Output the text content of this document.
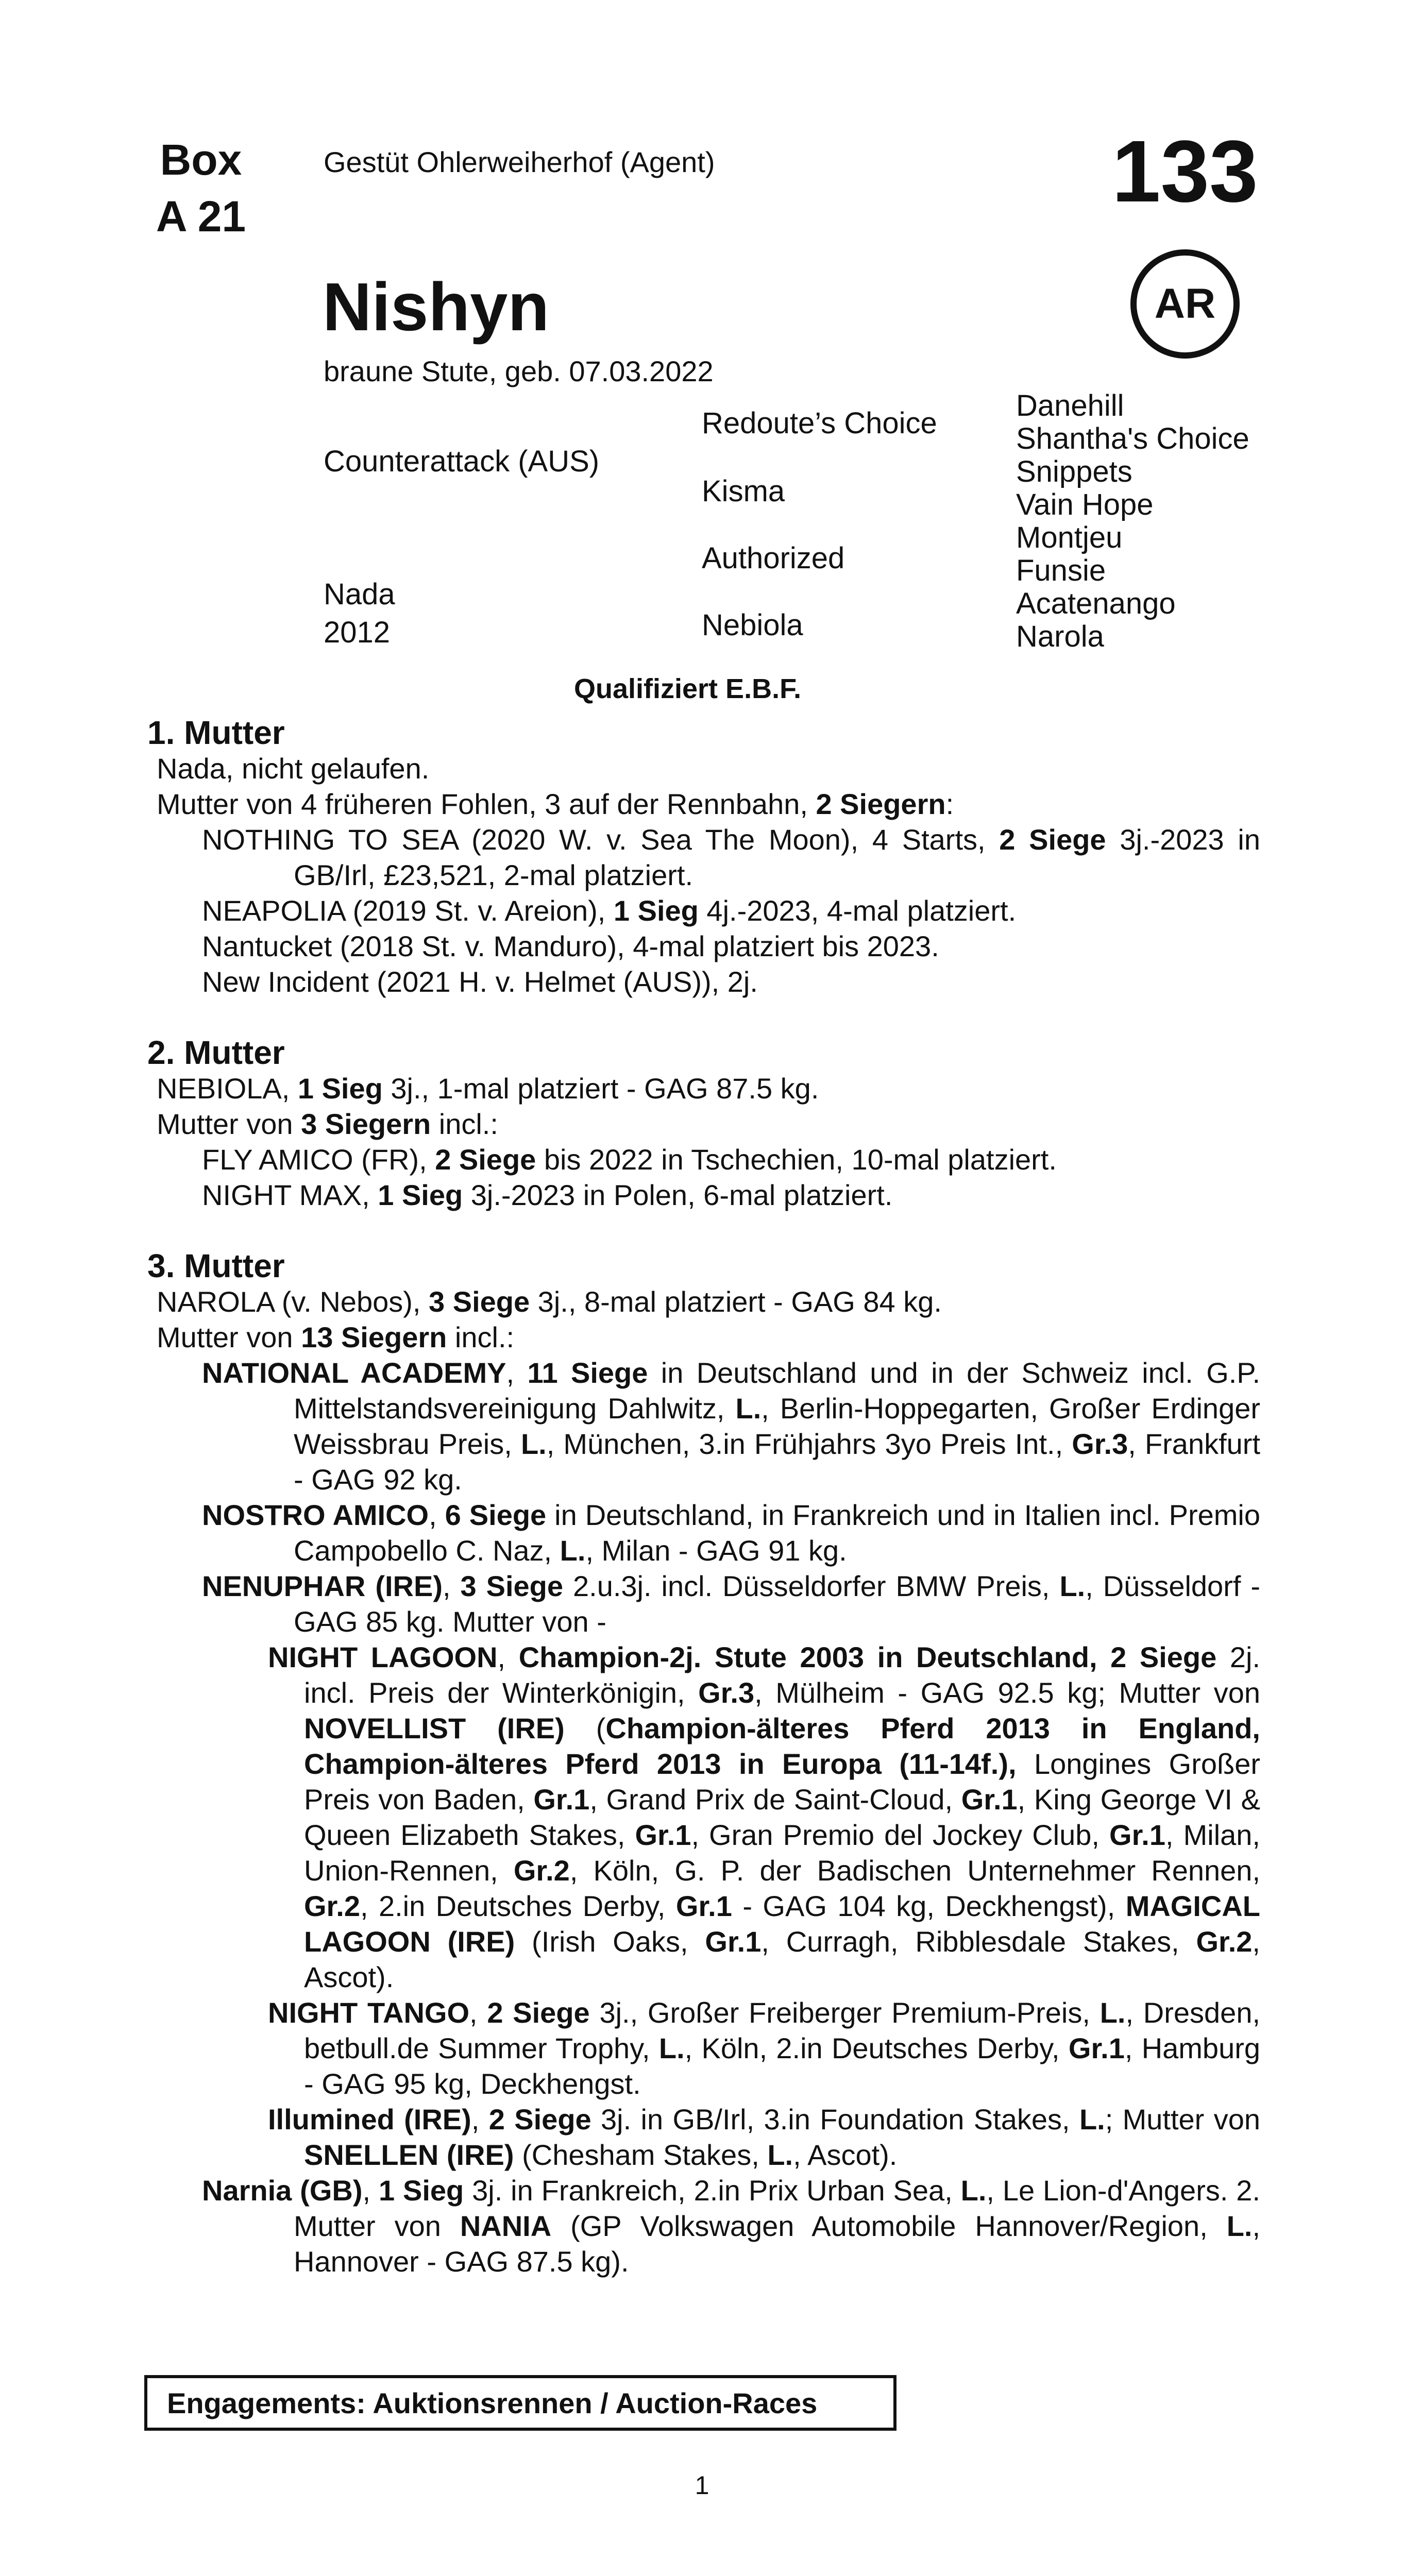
Box
A 21
Gestüt Ohlerweiherhof (Agent)	133
AR
Nishyn
braune Stute, geb. 07.03.2022
Counterattack (AUS)
Nada
2012
Redoute’s Choice
Kisma
Authorized
Nebiola
Danehill
Shantha's Choice
Snippets
Vain Hope
Montjeu
Funsie
Acatenango
Narola
Qualifiziert E.B.F.
1. Mutter
Nada, nicht gelaufen.
Mutter von 4 früheren Fohlen, 3 auf der Rennbahn, 2 Siegern:
NOTHING TO SEA (2020 W. v. Sea The Moon), 4 Starts, 2 Siege 3j.-2023 in GB/Irl, £23,521, 2-mal platziert.
NEAPOLIA (2019 St. v. Areion), 1 Sieg 4j.-2023, 4-mal platziert.
Nantucket (2018 St. v. Manduro), 4-mal platziert bis 2023.
New Incident (2021 H. v. Helmet (AUS)), 2j.
2. Mutter
NEBIOLA, 1 Sieg 3j., 1-mal platziert - GAG 87.5 kg.
Mutter von 3 Siegern incl.:
FLY AMICO (FR), 2 Siege bis 2022 in Tschechien, 10-mal platziert.
NIGHT MAX, 1 Sieg 3j.-2023 in Polen, 6-mal platziert.
3. Mutter
NAROLA (v. Nebos), 3 Siege 3j., 8-mal platziert - GAG 84 kg.
Mutter von 13 Siegern incl.:
NATIONAL ACADEMY, 11 Siege in Deutschland und in der Schweiz incl. G.P. Mittelstandsvereinigung Dahlwitz, L., Berlin-Hoppegarten, Großer Erdinger Weissbrau Preis, L., München, 3.in Frühjahrs 3yo Preis Int., Gr.3, Frankfurt - GAG 92 kg.
NOSTRO AMICO, 6 Siege in Deutschland, in Frankreich und in Italien incl. Premio Campobello C. Naz, L., Milan - GAG 91 kg.
NENUPHAR (IRE), 3 Siege 2.u.3j. incl. Düsseldorfer BMW Preis, L., Düsseldorf - GAG 85 kg. Mutter von -
NIGHT LAGOON, Champion-2j. Stute 2003 in Deutschland, 2 Siege 2j. incl. Preis der Winterkönigin, Gr.3, Mülheim - GAG 92.5 kg; Mutter von NOVELLIST (IRE) (Champion-älteres Pferd 2013 in England, Champion-älteres Pferd 2013 in Europa (11-14f.), Longines Großer Preis von Baden, Gr.1, Grand Prix de Saint-Cloud, Gr.1, King George VI & Queen Elizabeth Stakes, Gr.1, Gran Premio del Jockey Club, Gr.1, Milan, Union-Rennen, Gr.2, Köln, G. P. der Badischen Unternehmer Rennen, Gr.2, 2.in Deutsches Derby, Gr.1 - GAG 104 kg, Deckhengst), MAGICAL LAGOON (IRE) (Irish Oaks, Gr.1, Curragh, Ribblesdale Stakes, Gr.2, Ascot).
NIGHT TANGO, 2 Siege 3j., Großer Freiberger Premium-Preis, L., Dresden, betbull.de Summer Trophy, L., Köln, 2.in Deutsches Derby, Gr.1, Hamburg - GAG 95 kg, Deckhengst.
Illumined (IRE), 2 Siege 3j. in GB/Irl, 3.in Foundation Stakes, L.; Mutter von SNELLEN (IRE) (Chesham Stakes, L., Ascot).
Narnia (GB), 1 Sieg 3j. in Frankreich, 2.in Prix Urban Sea, L., Le Lion-d'Angers. 2. Mutter von NANIA (GP Volkswagen Automobile Hannover/Region, L., Hannover - GAG 87.5 kg).
Engagements: Auktionsrennen / Auction-Races
1
